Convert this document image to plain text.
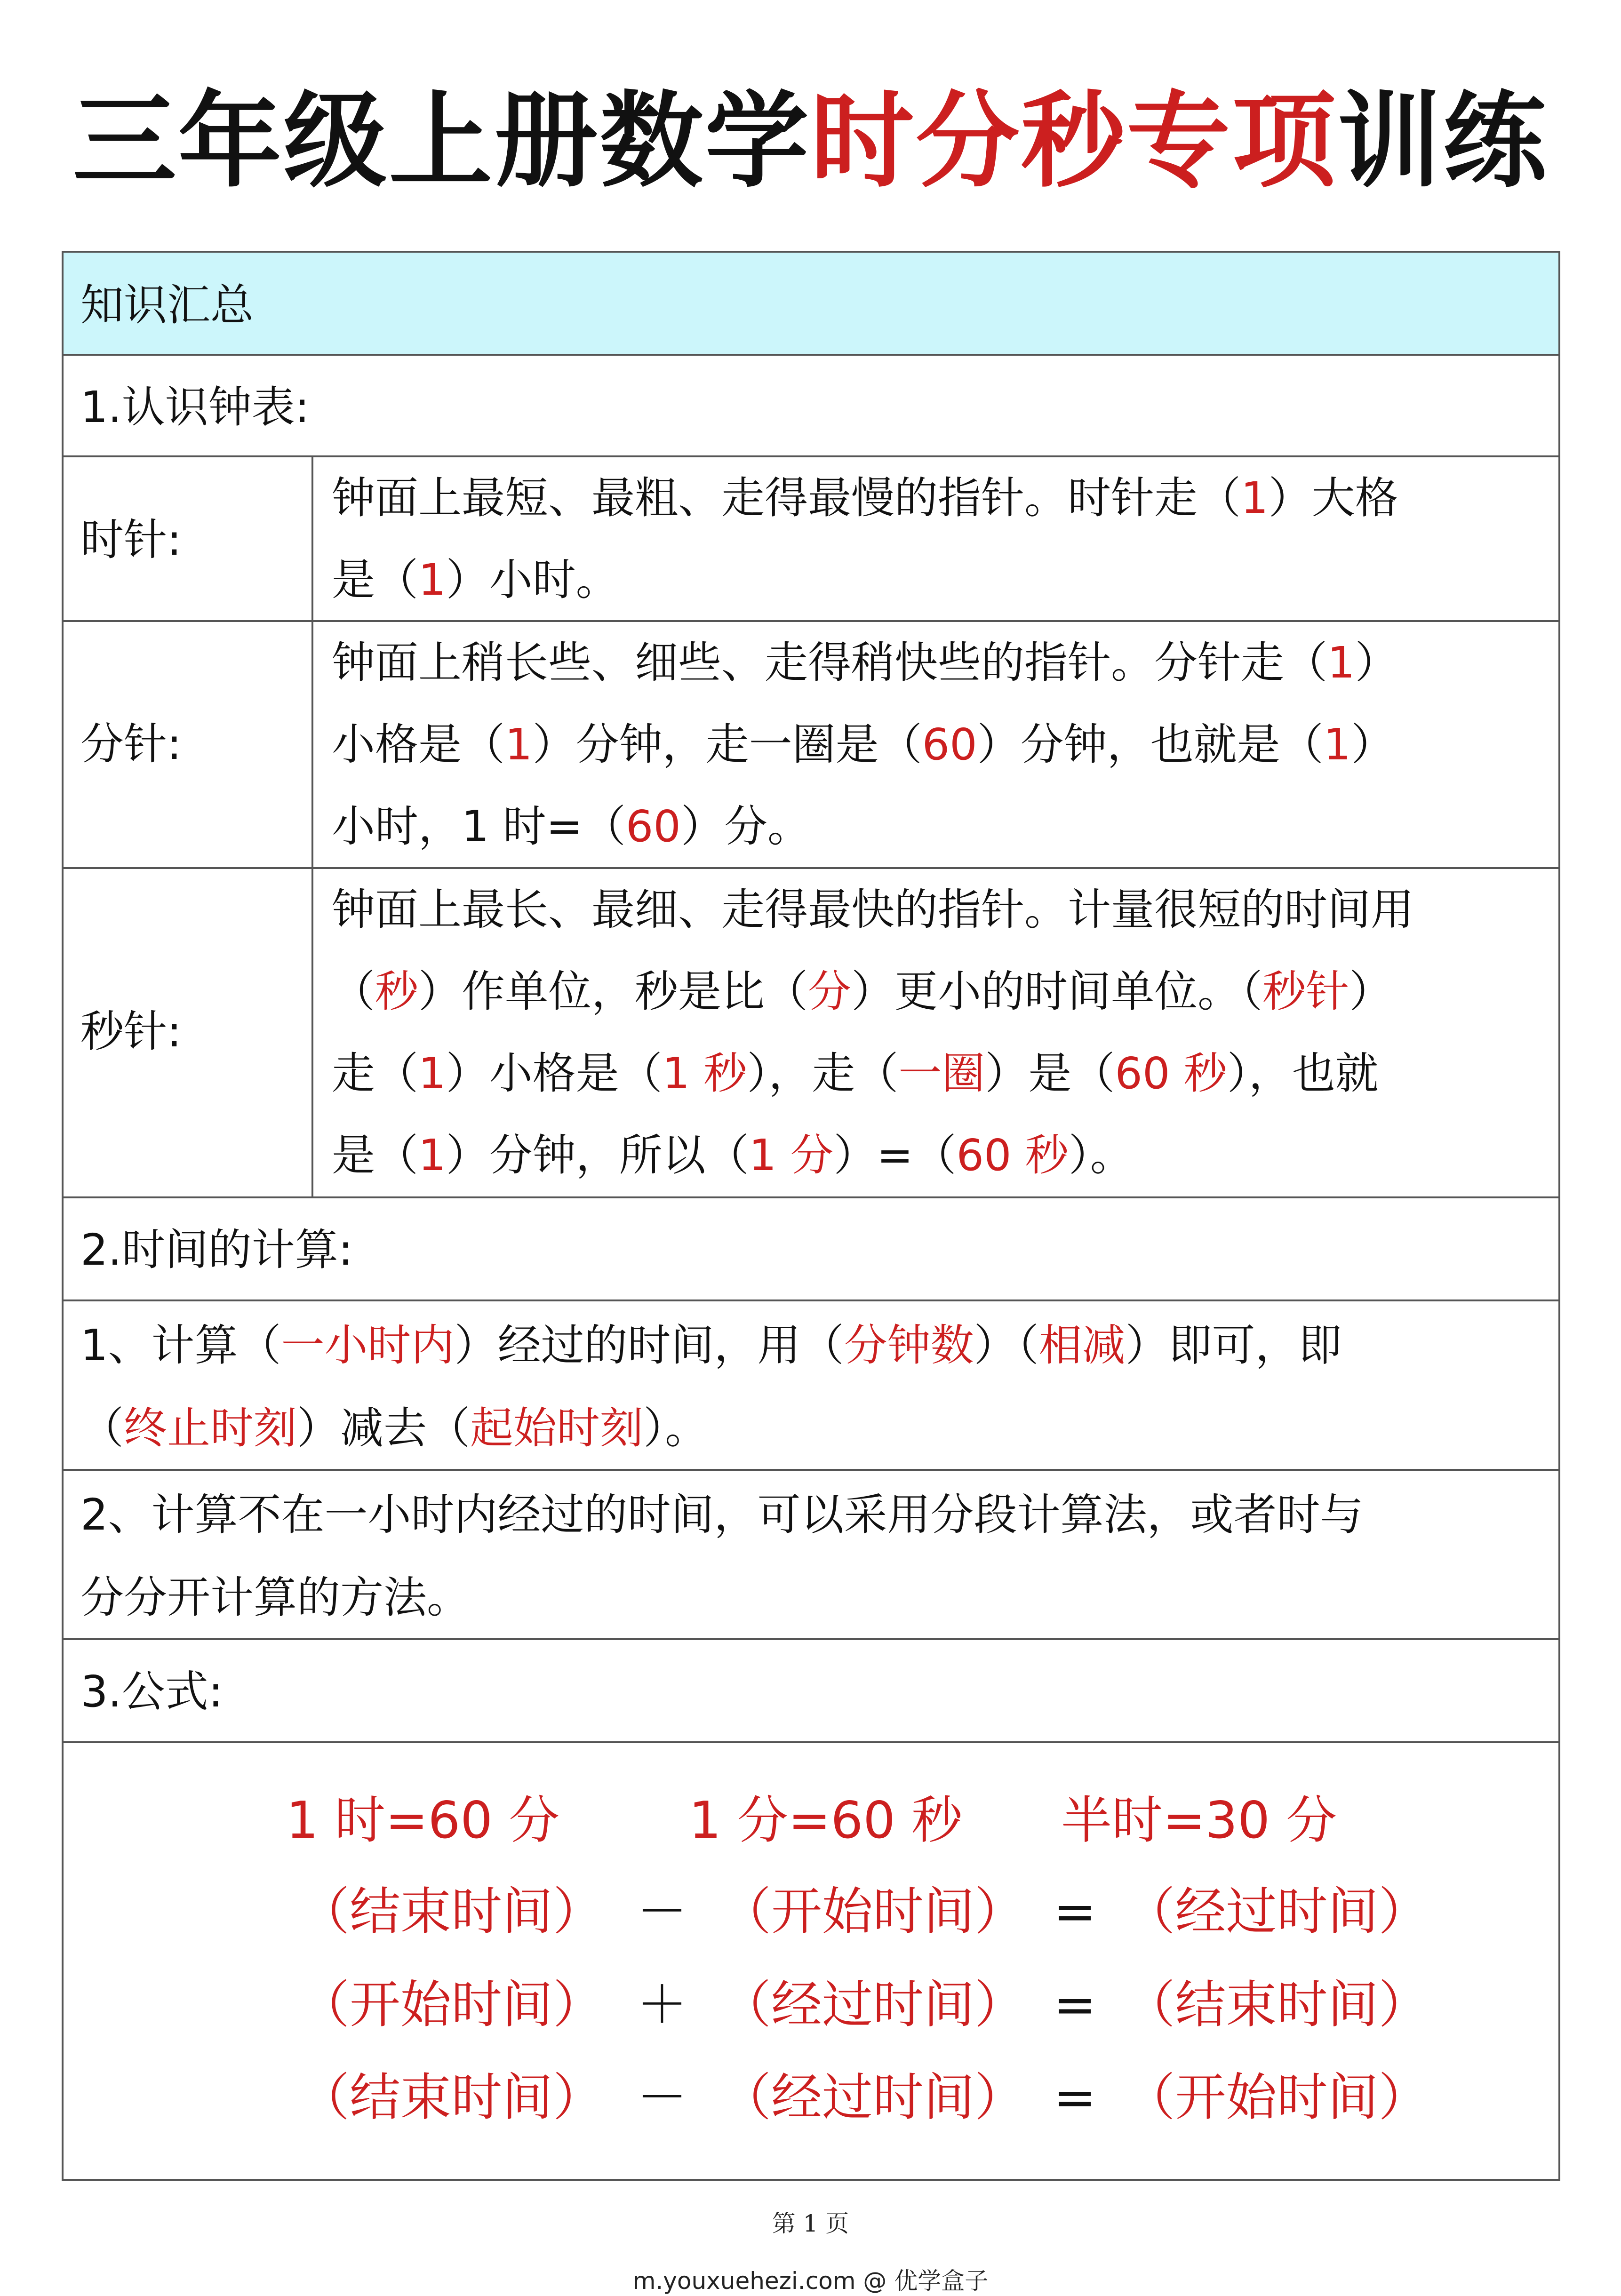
三年级上册数学时分秒专项训练
知识汇总
1.认识钟表:
时针:
钟面上最短、最粗、走得最慢的指针。时针走（1）大格
是（1）小时。
分针:
钟面上稍长些、细些、走得稍快些的指针。分针走（1）
小格是（1）分钟，走一圈是（60）分钟，也就是（1）
小时，1 时=（60）分。
秒针:
钟面上最长、最细、走得最快的指针。计量很短的时间用
（秒）作单位，秒是比（分）更小的时间单位。（秒针）
走（1）小格是（1 秒），走（一圈）是（60 秒），也就
是（1）分钟，所以（1 分）=（60 秒）。
2.时间的计算:
1、计算（一小时内）经过的时间，用（分钟数）（相减）即可，即
（终止时刻）减去（起始时刻）。
2、计算不在一小时内经过的时间，可以采用分段计算法，或者时与
分分开计算的方法。
3.公式:
1 时=60 分	1 分=60 秒 半时=30 分
（结束时间） － （开始时间） = （经过时间）
（开始时间） ＋ （经过时间） = （结束时间）
（结束时间） － （经过时间） = （开始时间）
第 1 页
m.youxuehezi.com @ 优学盒子
